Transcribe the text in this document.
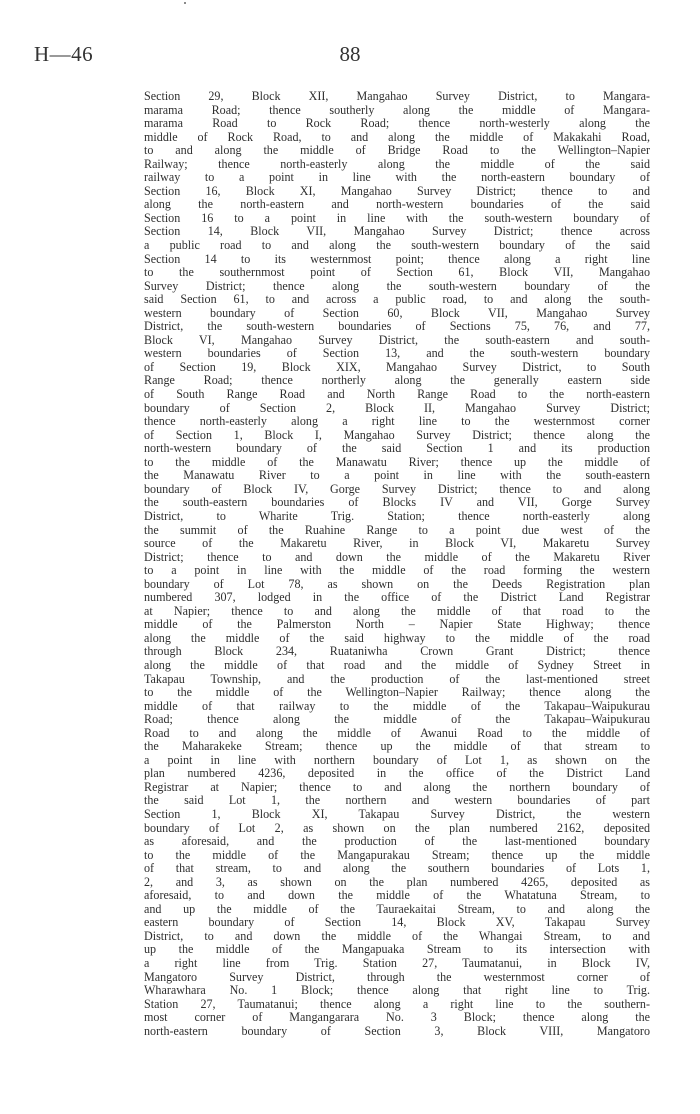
H—46	88
Section 29, Block XII, Mangahao Survey District, to Mangara-
marama Road; thence southerly along the middle of Mangara-
marama Road to Rock Road; thence north-westerly along the
middle of Rock Road, to and along the middle of Makakahi Road,
to and along the middle of Bridge Road to the Wellington–Napier
Railway; thence north-easterly along the middle of the said
railway to a point in line with the north-eastern boundary of
Section 16, Block XI, Mangahao Survey District; thence to and
along the north-eastern and north-western boundaries of the said
Section 16 to a point in line with the south-western boundary of
Section 14, Block VII, Mangahao Survey District; thence across
a public road to and along the south-western boundary of the said
Section 14 to its westernmost point; thence along a right line
to the southernmost point of Section 61, Block VII, Mangahao
Survey District; thence along the south-western boundary of the
said Section 61, to and across a public road, to and along the south-
western boundary of Section 60, Block VII, Mangahao Survey
District, the south-western boundaries of Sections 75, 76, and 77,
Block VI, Mangahao Survey District, the south-eastern and south-
western boundaries of Section 13, and the south-western boundary
of Section 19, Block XIX, Mangahao Survey District, to South
Range Road; thence northerly along the generally eastern side
of South Range Road and North Range Road to the north-eastern
boundary of Section 2, Block II, Mangahao Survey District;
thence north-easterly along a right line to the westernmost corner
of Section 1, Block I, Mangahao Survey District; thence along the
north-western boundary of the said Section 1 and its production
to the middle of the Manawatu River; thence up the middle of
the Manawatu River to a point in line with the south-eastern
boundary of Block IV, Gorge Survey District; thence to and along
the south-eastern boundaries of Blocks IV and VII, Gorge Survey
District, to Wharite Trig. Station; thence north-easterly along
the summit of the Ruahine Range to a point due west of the
source of the Makaretu River, in Block VI, Makaretu Survey
District; thence to and down the middle of the Makaretu River
to a point in line with the middle of the road forming the western
boundary of Lot 78, as shown on the Deeds Registration plan
numbered 307, lodged in the office of the District Land Registrar
at Napier; thence to and along the middle of that road to the
middle of the Palmerston North – Napier State Highway; thence
along the middle of the said highway to the middle of the road
through Block 234, Ruataniwha Crown Grant District; thence
along the middle of that road and the middle of Sydney Street in
Takapau Township, and the production of the last-mentioned street
to the middle of the Wellington–Napier Railway; thence along the
middle of that railway to the middle of the Takapau–Waipukurau
Road; thence along the middle of the Takapau–Waipukurau
Road to and along the middle of Awanui Road to the middle of
the Maharakeke Stream; thence up the middle of that stream to
a point in line with northern boundary of Lot 1, as shown on the
plan numbered 4236, deposited in the office of the District Land
Registrar at Napier; thence to and along the northern boundary of
the said Lot 1, the northern and western boundaries of part
Section 1, Block XI, Takapau Survey District, the western
boundary of Lot 2, as shown on the plan numbered 2162, deposited
as aforesaid, and the production of the last-mentioned boundary
to the middle of the Mangapurakau Stream; thence up the middle
of that stream, to and along the southern boundaries of Lots 1,
2, and 3, as shown on the plan numbered 4265, deposited as
aforesaid, to and down the middle of the Whatatuna Stream, to
and up the middle of the Tauraekaitai Stream, to and along the
eastern boundary of Section 14, Block XV, Takapau Survey
District, to and down the middle of the Whangai Stream, to and
up the middle of the Mangapuaka Stream to its intersection with
a right line from Trig. Station 27, Taumatanui, in Block IV,
Mangatoro Survey District, through the westernmost corner of
Wharawhara No. 1 Block; thence along that right line to Trig.
Station 27, Taumatanui; thence along a right line to the southern-
most corner of Mangangarara No. 3 Block; thence along the
north-eastern boundary of Section 3, Block VIII, Mangatoro
